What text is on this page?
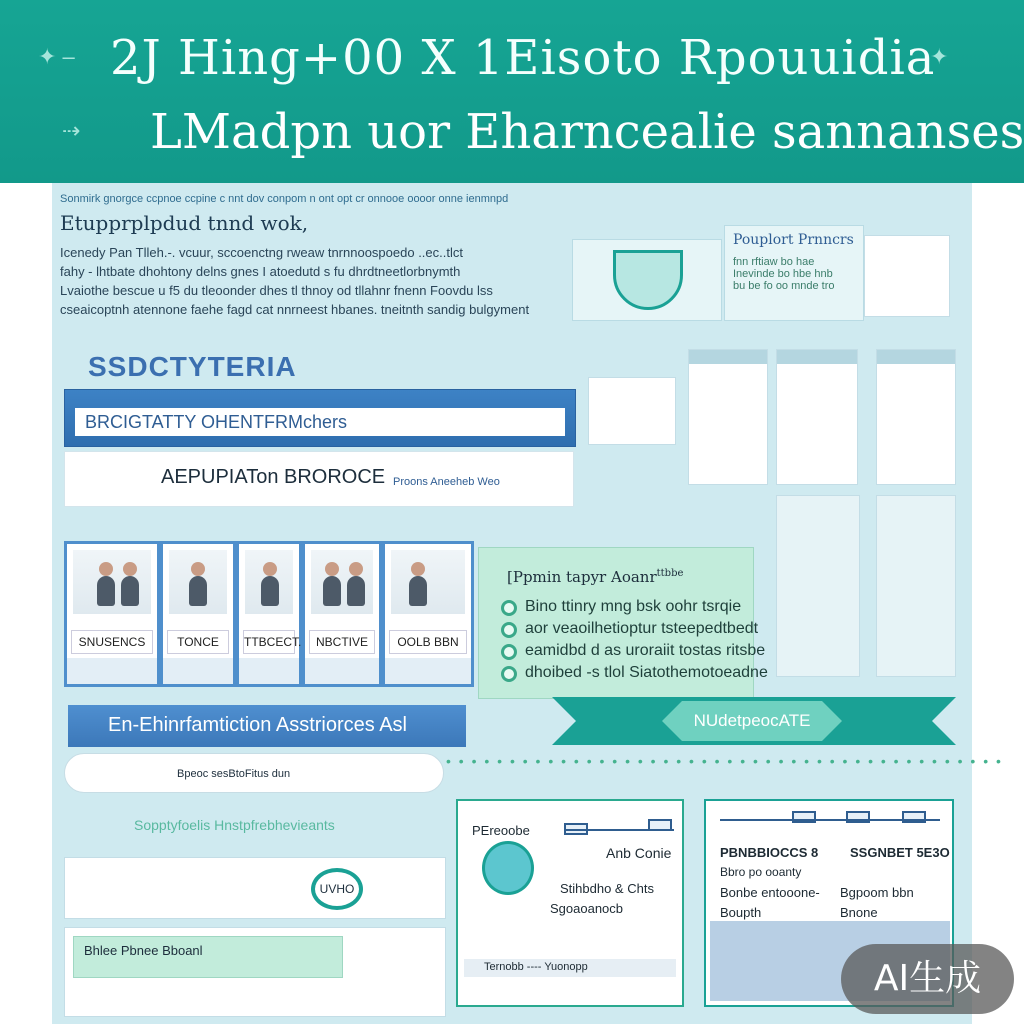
✦ –
⇢
✦
2J Hing+00 X 1Eisoto Rpouuidia
LMadpn uor Eharncealie sannanses
Sonmirk gnorgce ccpnoe ccpine c nnt dov conpom n ont opt cr onnooe oooor onne ienmnpd
Etupprplpdud tnnd wok,
Icenedy Pan Tlleh.-. vcuur, sccoenctng rweaw tnrnnoospoedo ..ec..tlct
fahy - lhtbate dhohtony delns gnes I atoedutd s fu dhrdtneetlorbnymth
Lvaiothe bescue u f5 du tleoonder dhes tl thnoy od tllahnr fnenn Foovdu lss
cseaicoptnh atennone faehe fagd cat nnrneest hbanes. tneitnth sandig bulgyment
Pouplort Prnncrs
fnn rftiaw bo hae
Inevinde bo hbe hnb
bu be fo oo mnde tro
SSDCTYTERIA
BRCIGTATTY OHENTFRMchers
AEPUPIATon BROROCE Proons Aneeheb Weo
SNUSENCS	TONCE	TTBCECT.	NBCTIVE	OOLB BBN
[Ppmin tapyr Aoanr$^{ttbbe}$
Bino ttinry mng bsk oohr tsrqie
aor veaoilhetioptur tsteepedtbedt
eamidbd d as uroraiit tostas ritsbe
dhoibed -s tlol Siatothemotoeadne
NUdetpeocATE
En-Ehinrfamtiction Asstriorces Asl
Bpeoc sesBtoFitus dun
• • • • • • • • • • • • • • • • • • • • • • • • • • • • • • • • • • • • • • • • • • • •
Sopptyfoelis Hnstpfrebhevieants
UVHO
Bhlee Pbnee Bboanl
PEreoobe
Anb Conie
Stihbdho & Chts
Sgoaoanocb
Ternobb ---- Yuonopp
PBNBBIOCCS 8 SSGNBET 5E3O
Bbro po ooanty
Bonbe entooone- Bgpoom bbn
Boupth	Bnone
AI生成
